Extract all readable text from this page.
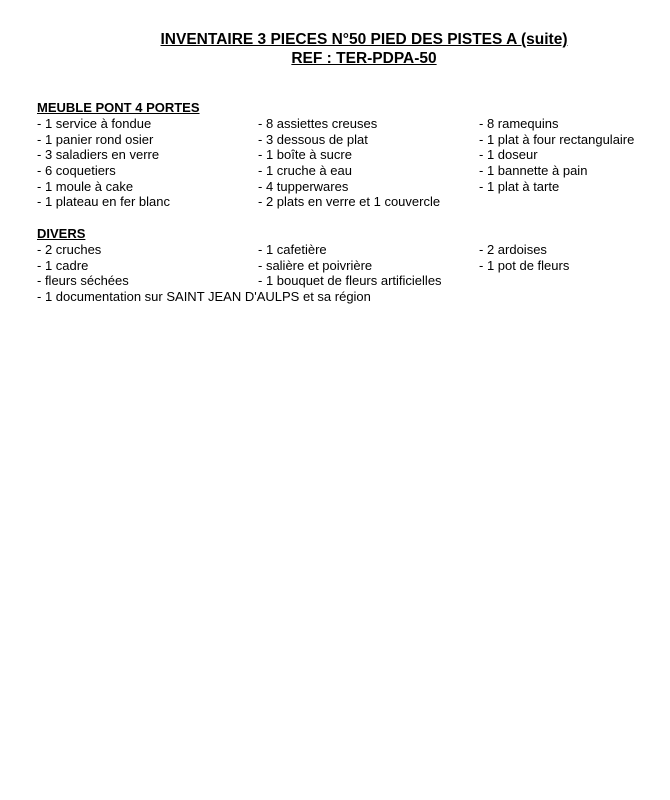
INVENTAIRE 3 PIECES N°50 PIED DES PISTES A (suite)
REF : TER-PDPA-50
MEUBLE PONT 4 PORTES
- 1 service à fondue	- 8 assiettes creuses	- 8 ramequins
- 1 panier rond osier	- 3 dessous de plat	- 1 plat à four rectangulaire
- 3 saladiers en verre	- 1 boîte à sucre	- 1 doseur
- 6 coquetiers	- 1 cruche à eau	- 1 bannette à pain
- 1 moule à cake	- 4 tupperwares	- 1 plat à tarte
- 1 plateau en fer blanc	- 2 plats en verre et 1 couvercle
DIVERS
- 2 cruches	- 1 cafetière	- 2 ardoises
- 1 cadre	- salière et poivrière	- 1 pot de fleurs
- fleurs séchées	- 1 bouquet de fleurs artificielles
- 1 documentation sur SAINT JEAN D'AULPS et sa région
